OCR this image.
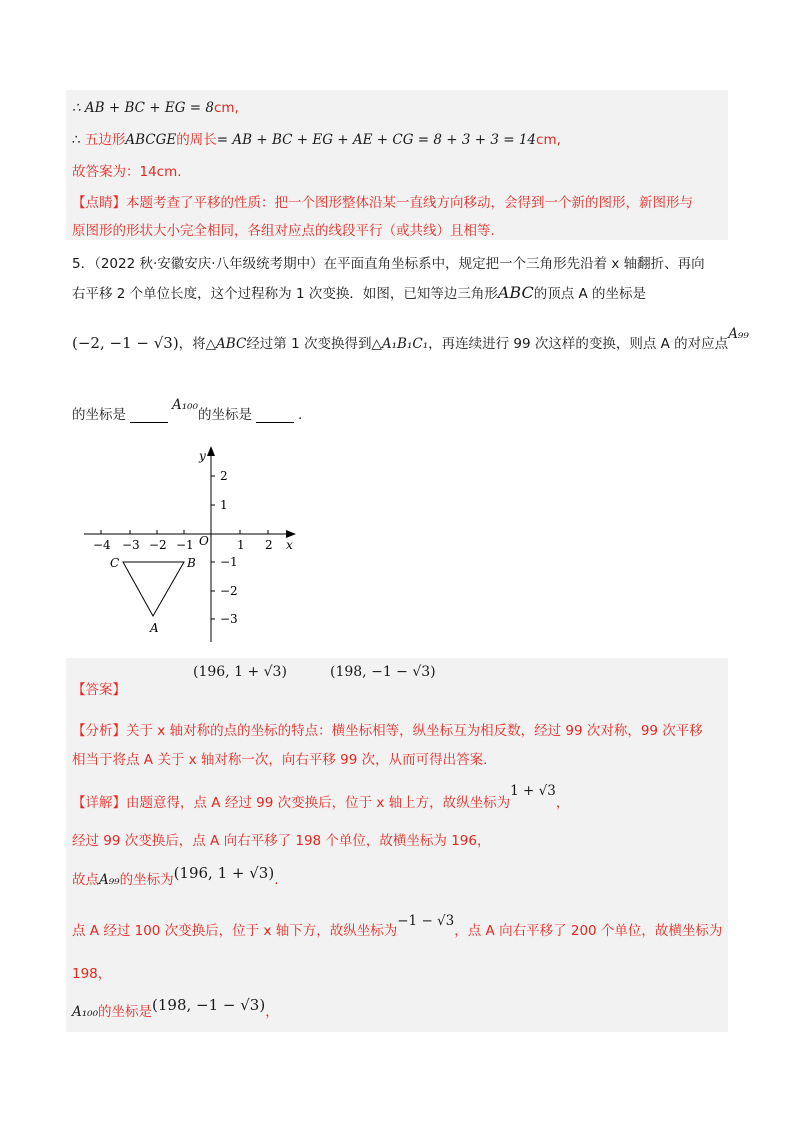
∴ AB + BC + EG = 8cm,
∴ 五边形ABCGE的周长= AB + BC + EG + AE + CG = 8 + 3 + 3 = 14cm,
故答案为：14cm.
【点睛】本题考查了平移的性质：把一个图形整体沿某一直线方向移动，会得到一个新的图形，新图形与
原图形的形状大小完全相同，各组对应点的线段平行（或共线）且相等.
5．（2022 秋·安徽安庆·八年级统考期中）在平面直角坐标系中，规定把一个三角形先沿着 x 轴翻折、再向
右平移 2 个单位长度，这个过程称为 1 次变换．如图，已知等边三角形ABC的顶点 A 的坐标是
(−2, −1 − √3)，将△ABC经过第 1 次变换得到△A₁B₁C₁，再连续进行 99 次这样的变换，则点 A 的对应点A₉₉
的坐标是A₁₀₀的坐标是	.
−4 −3 −2 −1	1 2 x
O
y
2
1
−1
−2
−3
C	B
A
【答案】
(196, 1 + √3)	(198, −1 − √3)
【分析】关于 x 轴对称的点的坐标的特点：横坐标相等，纵坐标互为相反数，经过 99 次对称，99 次平移
相当于将点 A 关于 x 轴对称一次，向右平移 99 次，从而可得出答案.
【详解】由题意得，点 A 经过 99 次变换后，位于 x 轴上方，故纵坐标为1 + √3，
经过 99 次变换后，点 A 向右平移了 198 个单位，故横坐标为 196，
故点A₉₉的坐标为(196, 1 + √3).
点 A 经过 100 次变换后，位于 x 轴下方，故纵坐标为−1 − √3，点 A 向右平移了 200 个单位，故横坐标为
198，
A₁₀₀的坐标是(198, −1 − √3)，
